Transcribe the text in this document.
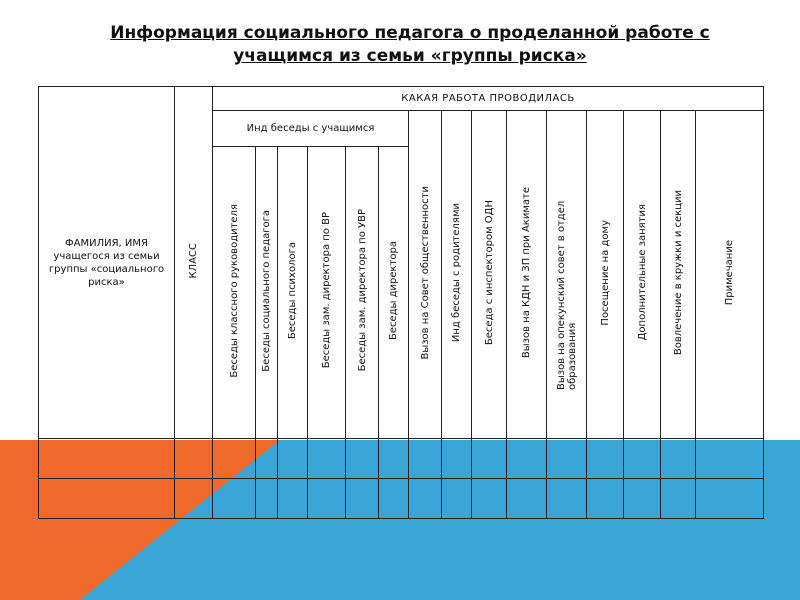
Информация социального педагога о проделанной работе с учащимся из семьи «группы риска»
ФАМИЛИЯ, ИМЯ учащегося из семьи группы «социального риска»	КЛАСС	КАКАЯ РАБОТА ПРОВОДИЛАСЬ														
		Инд беседы с учащимся						Вызов на Совет общественности	Инд беседы с родителями	Беседа с инспектором ОДН	Вызов на КДН и ЗП при Акимате	Вызов на опекунский совет в отдел образования	Посещение на дому	Дополнительные занятия	Вовлечение в кружки и секции	Примечание

		Беседы классного руководителя	Беседы социального педагога	Беседы психолога	Беседы зам. директора по ВР	Беседы зам. директора по УВР	Беседы директора									
